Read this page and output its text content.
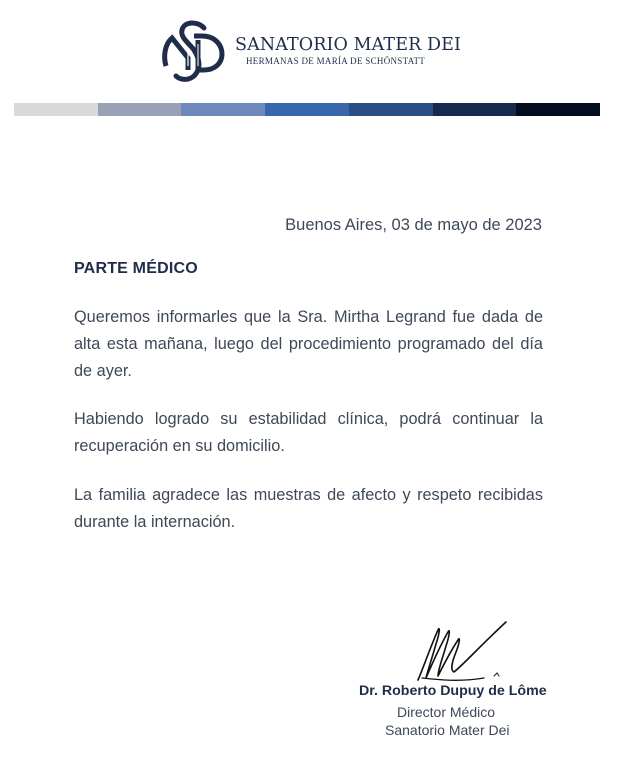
SANATORIO MATER DEI
HERMANAS DE MARÍA DE SCHÖNSTATT
Buenos Aires, 03 de mayo de 2023
PARTE MÉDICO

Queremos informarles que la Sra. Mirtha Legrand fue dada de alta esta mañana, luego del procedimiento programado del día de ayer.

Habiendo logrado su estabilidad clínica, podrá continuar la recuperación en su domicilio.

La familia agradece las muestras de afecto y respeto recibidas durante la internación.

Dr. Roberto Dupuy de Lôme
Director Médico
Sanatorio Mater Dei
